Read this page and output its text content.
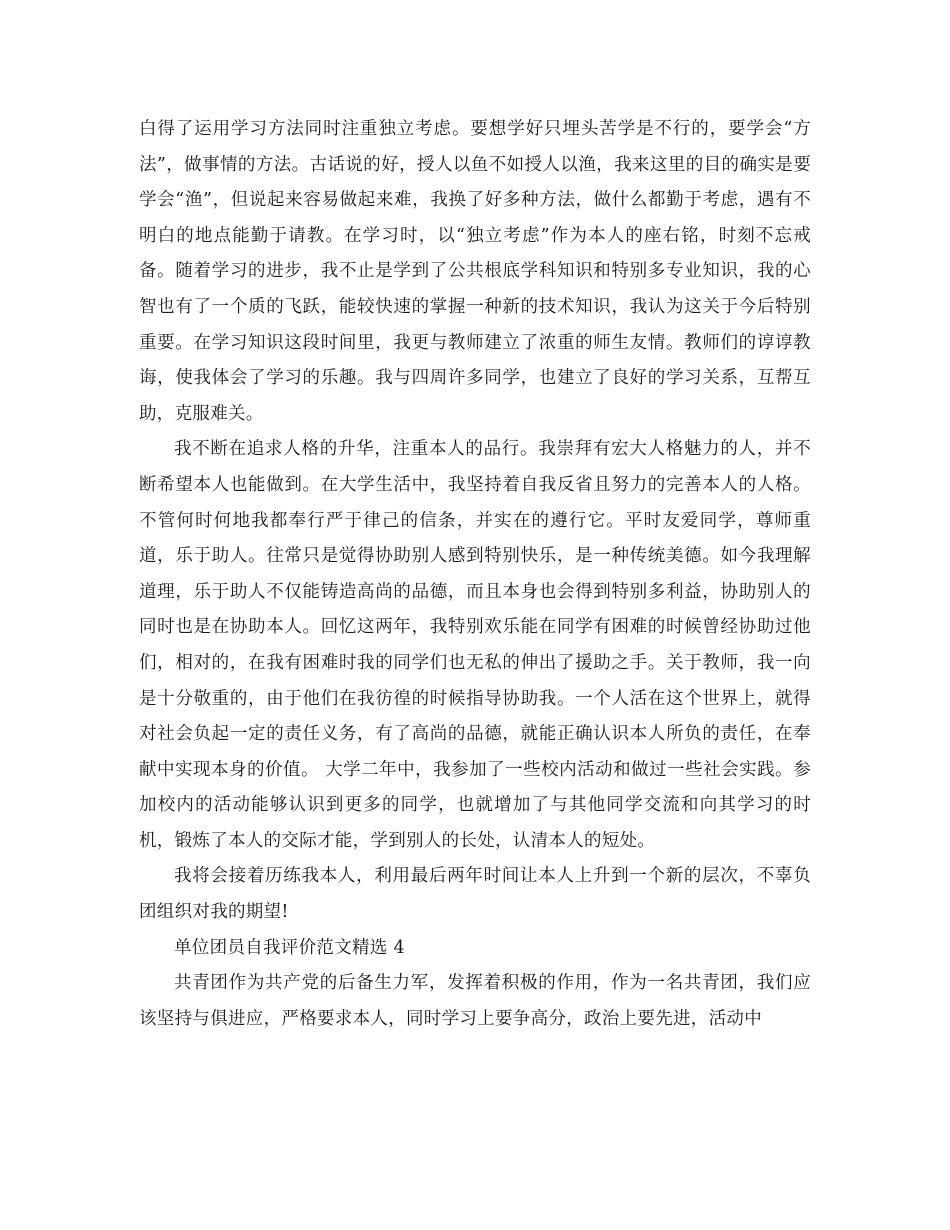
白得了运用学习方法同时注重独立考虑。要想学好只埋头苦学是不行的，要学会“方法”，做事情的方法。古话说的好，授人以鱼不如授人以渔，我来这里的目的确实是要学会“渔”，但说起来容易做起来难，我换了好多种方法，做什么都勤于考虑，遇有不明白的地点能勤于请教。在学习时，以“独立考虑”作为本人的座右铭，时刻不忘戒备。随着学习的进步，我不止是学到了公共根底学科知识和特别多专业知识，我的心智也有了一个质的飞跃，能较快速的掌握一种新的技术知识，我认为这关于今后特别重要。在学习知识这段时间里，我更与教师建立了浓重的师生友情。教师们的谆谆教诲，使我体会了学习的乐趣。我与四周许多同学，也建立了良好的学习关系，互帮互助，克服难关。

我不断在追求人格的升华，注重本人的品行。我崇拜有宏大人格魅力的人，并不断希望本人也能做到。在大学生活中，我坚持着自我反省且努力的完善本人的人格。不管何时何地我都奉行严于律己的信条，并实在的遵行它。平时友爱同学，尊师重道，乐于助人。往常只是觉得协助别人感到特别快乐，是一种传统美德。如今我理解道理，乐于助人不仅能铸造高尚的品德，而且本身也会得到特别多利益，协助别人的同时也是在协助本人。回忆这两年，我特别欢乐能在同学有困难的时候曾经协助过他们，相对的，在我有困难时我的同学们也无私的伸出了援助之手。关于教师，我一向是十分敬重的，由于他们在我彷徨的时候指导协助我。一个人活在这个世界上，就得对社会负起一定的责任义务，有了高尚的品德，就能正确认识本人所负的责任，在奉献中实现本身的价值。 大学二年中，我参加了一些校内活动和做过一些社会实践。参加校内的活动能够认识到更多的同学，也就增加了与其他同学交流和向其学习的时机，锻炼了本人的交际才能，学到别人的长处，认清本人的短处。

我将会接着历练我本人，利用最后两年时间让本人上升到一个新的层次，不辜负团组织对我的期望!

单位团员自我评价范文精选 4

共青团作为共产党的后备生力军，发挥着积极的作用，作为一名共青团，我们应该坚持与俱进应，严格要求本人，同时学习上要争高分，政治上要先进，活动中
